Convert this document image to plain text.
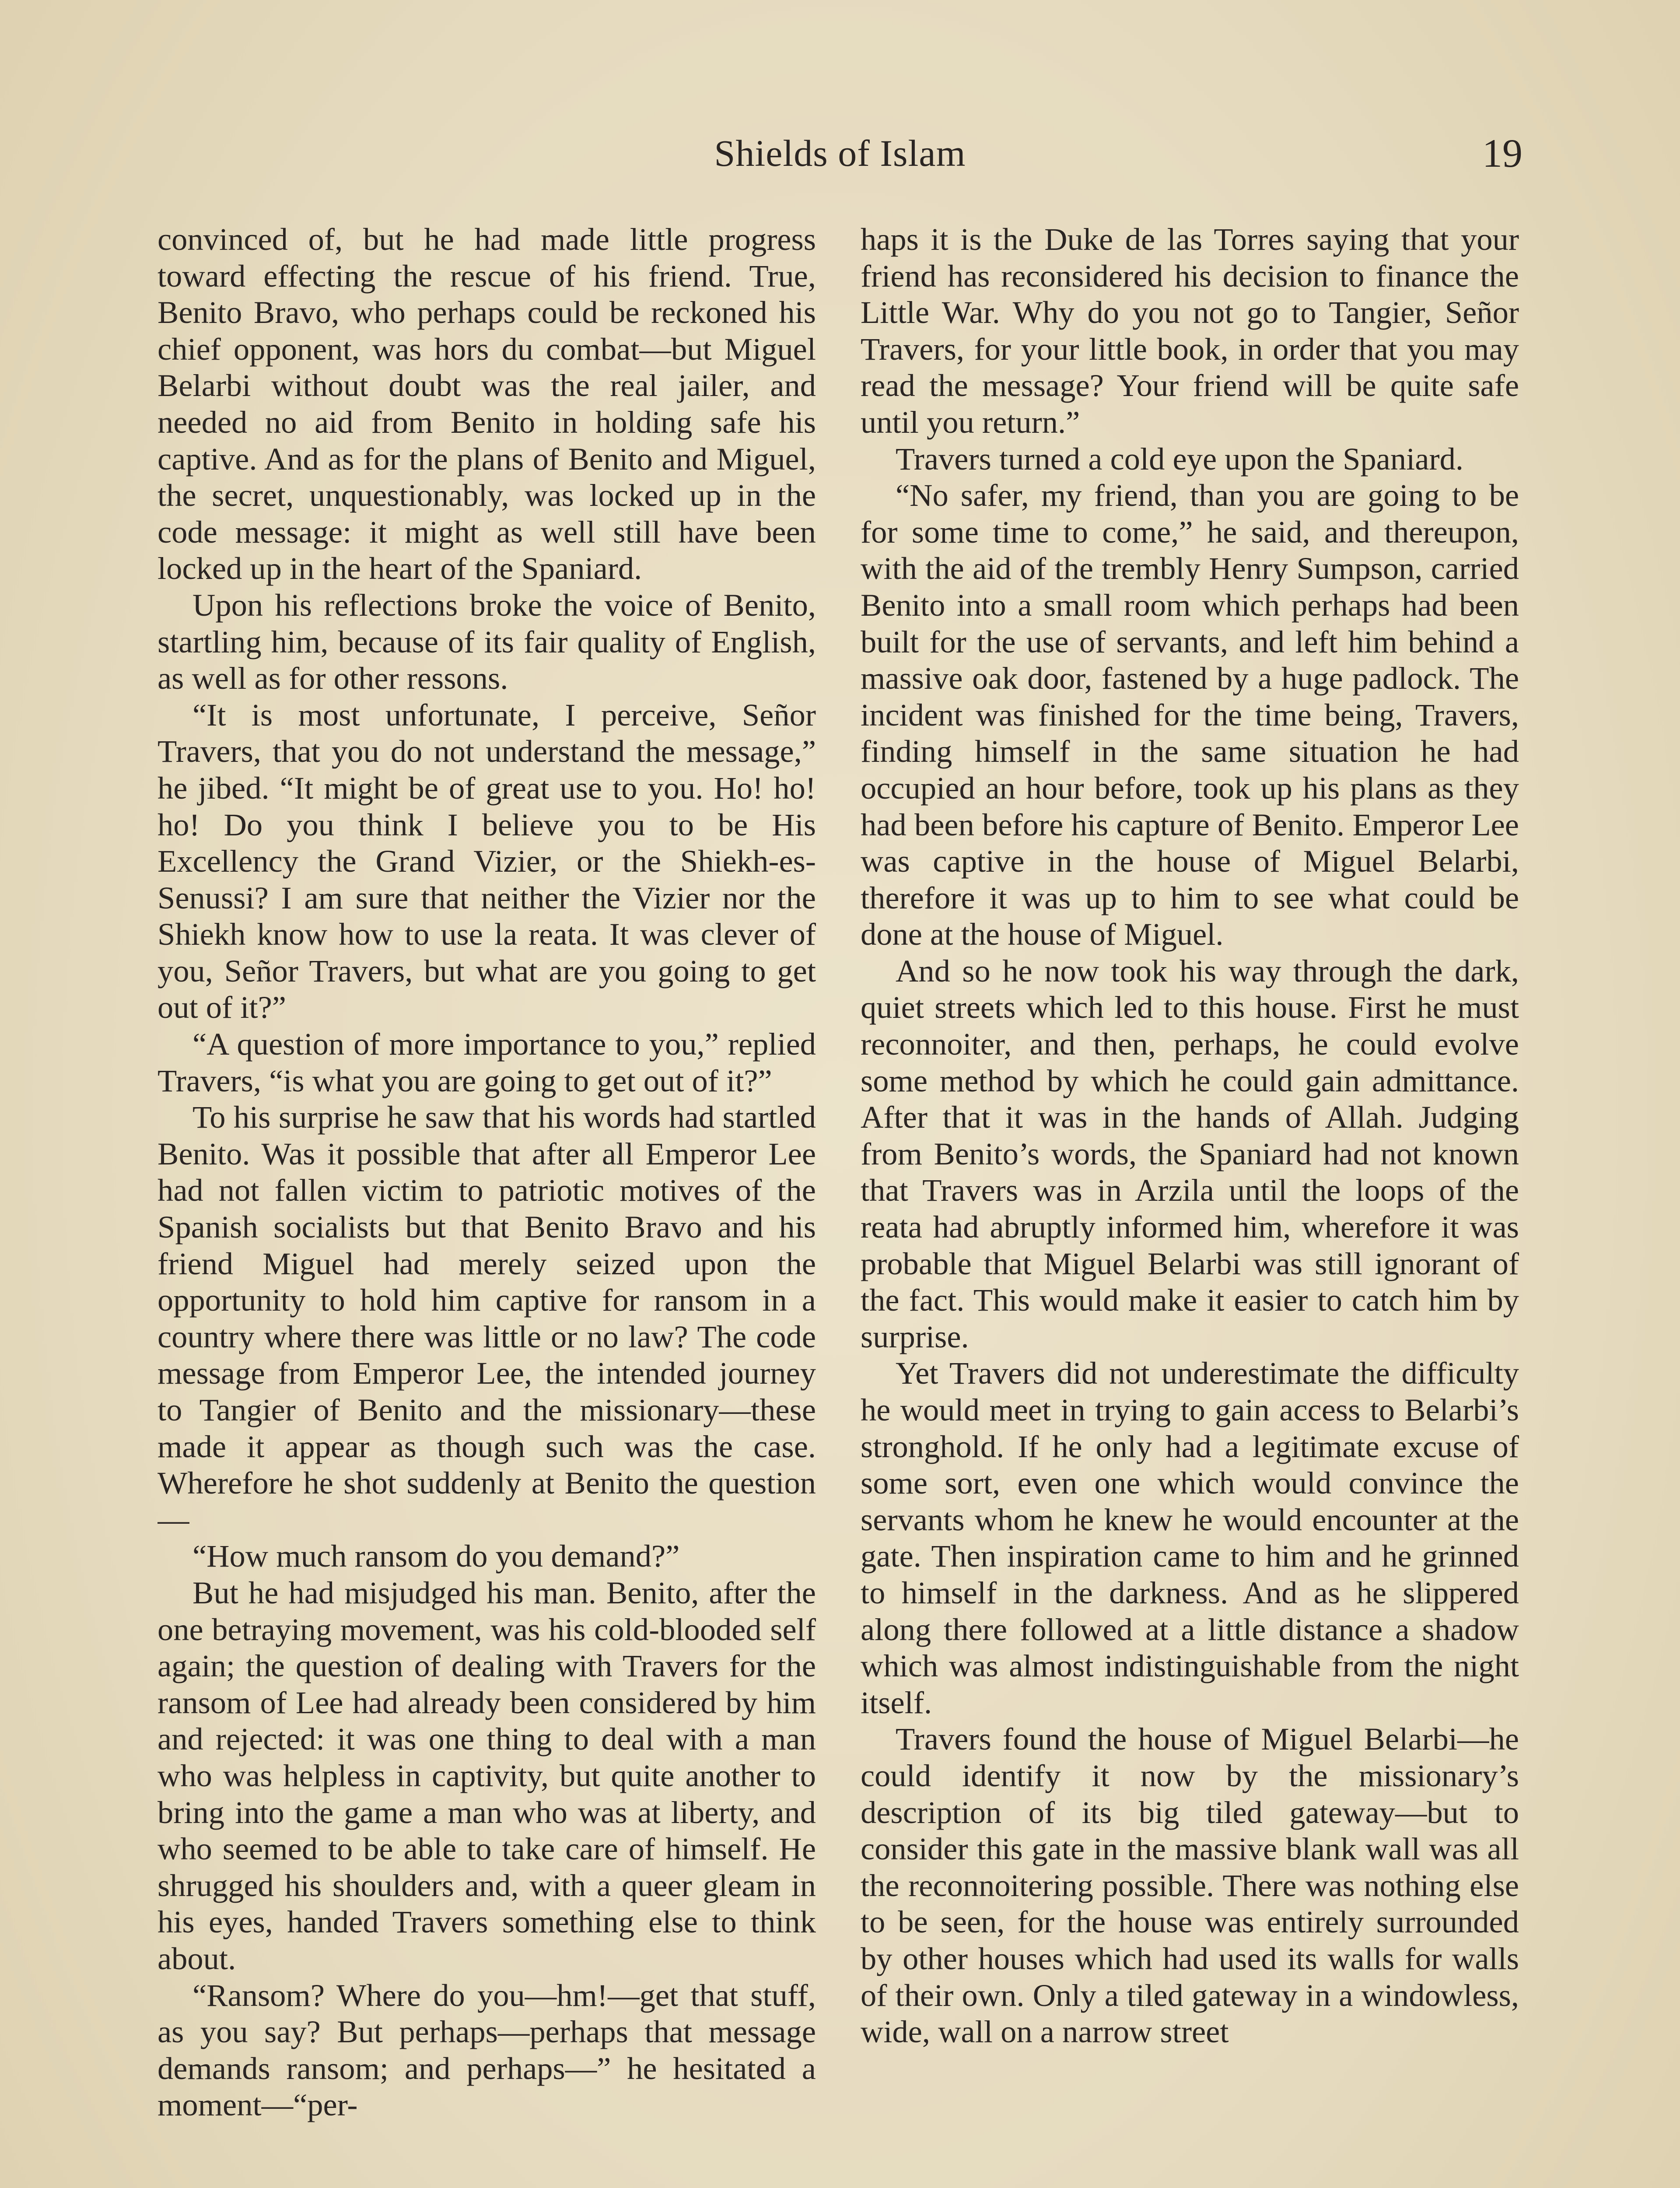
Shields of Islam	19

convinced of, but he had made little progress toward effecting the rescue of his friend. True, Benito Bravo, who perhaps could be reckoned his chief opponent, was hors du combat—but Miguel Belarbi without doubt was the real jailer, and needed no aid from Benito in holding safe his captive. And as for the plans of Benito and Miguel, the secret, unquestionably, was locked up in the code message: it might as well still have been locked up in the heart of the Spaniard.

Upon his reflections broke the voice of Benito, startling him, because of its fair quality of English, as well as for other ressons.

“It is most unfortunate, I perceive, Señor Travers, that you do not understand the message,” he jibed. “It might be of great use to you. Ho! ho! ho! Do you think I believe you to be His Excellency the Grand Vizier, or the Shiekh-es-Senussi? I am sure that neither the Vizier nor the Shiekh know how to use la reata. It was clever of you, Señor Travers, but what are you going to get out of it?”

“A question of more importance to you,” replied Travers, “is what you are going to get out of it?”

To his surprise he saw that his words had startled Benito. Was it possible that after all Emperor Lee had not fallen victim to patriotic motives of the Spanish socialists but that Benito Bravo and his friend Miguel had merely seized upon the opportunity to hold him captive for ransom in a country where there was little or no law? The code message from Emperor Lee, the intended journey to Tangier of Benito and the missionary—these made it appear as though such was the case. Wherefore he shot suddenly at Benito the question—

“How much ransom do you demand?”

But he had misjudged his man. Benito, after the one betraying movement, was his cold-blooded self again; the question of dealing with Travers for the ransom of Lee had already been considered by him and rejected: it was one thing to deal with a man who was helpless in captivity, but quite another to bring into the game a man who was at liberty, and who seemed to be able to take care of himself. He shrugged his shoulders and, with a queer gleam in his eyes, handed Travers something else to think about.

“Ransom? Where do you—hm!—get that stuff, as you say? But perhaps—perhaps that message demands ransom; and perhaps—” he hesitated a moment—“per-

haps it is the Duke de las Torres saying that your friend has reconsidered his decision to finance the Little War. Why do you not go to Tangier, Señor Travers, for your little book, in order that you may read the message? Your friend will be quite safe until you return.”

Travers turned a cold eye upon the Spaniard.

“No safer, my friend, than you are going to be for some time to come,” he said, and thereupon, with the aid of the trembly Henry Sumpson, carried Benito into a small room which perhaps had been built for the use of servants, and left him behind a massive oak door, fastened by a huge padlock. The incident was finished for the time being, Travers, finding himself in the same situation he had occupied an hour before, took up his plans as they had been before his capture of Benito. Emperor Lee was captive in the house of Miguel Belarbi, therefore it was up to him to see what could be done at the house of Miguel.

And so he now took his way through the dark, quiet streets which led to this house. First he must reconnoiter, and then, perhaps, he could evolve some method by which he could gain admittance. After that it was in the hands of Allah. Judging from Benito’s words, the Spaniard had not known that Travers was in Arzila until the loops of the reata had abruptly informed him, wherefore it was probable that Miguel Belarbi was still ignorant of the fact. This would make it easier to catch him by surprise.

Yet Travers did not underestimate the difficulty he would meet in trying to gain access to Belarbi’s stronghold. If he only had a legitimate excuse of some sort, even one which would convince the servants whom he knew he would encounter at the gate. Then inspiration came to him and he grinned to himself in the darkness. And as he slippered along there followed at a little distance a shadow which was almost indistinguishable from the night itself.

Travers found the house of Miguel Belarbi—he could identify it now by the missionary’s description of its big tiled gateway—but to consider this gate in the massive blank wall was all the reconnoitering possible. There was nothing else to be seen, for the house was entirely surrounded by other houses which had used its walls for walls of their own. Only a tiled gateway in a windowless, wide, wall on a narrow street
